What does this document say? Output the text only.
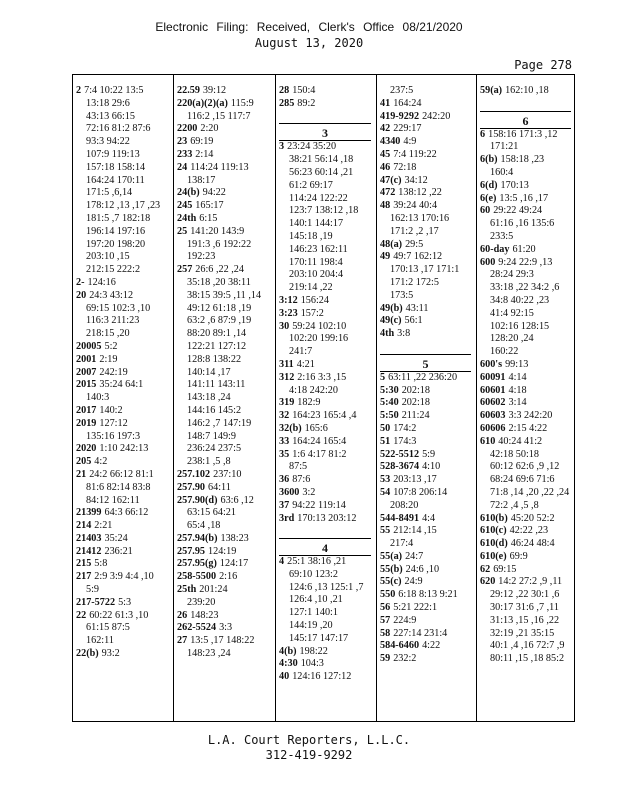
Electronic Filing: Received, Clerk's Office 08/21/2020
August 13, 2020
Page 278
2 7:4 10:22 13:5
13:18 29:6
43:13 66:15
72:16 81:2 87:6
93:3 94:22
107:9 119:13
157:18 158:14
164:24 170:11
171:5 ,6,14
178:12 ,13 ,17 ,23
181:5 ,7 182:18
196:14 197:16
197:20 198:20
203:10 ,15
212:15 222:2
2- 124:16
20 24:3 43:12
69:15 102:3 ,10
116:3 211:23
218:15 ,20
20005 5:2
2001 2:19
2007 242:19
2015 35:24 64:1
140:3
2017 140:2
2019 127:12
135:16 197:3
2020 1:10 242:13
205 4:2
21 24:2 66:12 81:1
81:6 82:14 83:8
84:12 162:11
21399 64:3 66:12
214 2:21
21403 35:24
21412 236:21
215 5:8
217 2:9 3:9 4:4 ,10
5:9
217-5722 5:3
22 60:22 61:3 ,10
61:15 87:5
162:11
22(b) 93:2
22.59 39:12
220(a)(2)(a) 115:9
116:2 ,15 117:7
2200 2:20
23 69:19
233 2:14
24 114:24 119:13
138:17
24(b) 94:22
245 165:17
24th 6:15
25 141:20 143:9
191:3 ,6 192:22
192:23
257 26:6 ,22 ,24
35:18 ,20 38:11
38:15 39:5 ,11 ,14
49:12 61:18 ,19
63:2 ,6 87:9 ,19
88:20 89:1 ,14
122:21 127:12
128:8 138:22
140:14 ,17
141:11 143:11
143:18 ,24
144:16 145:2
146:2 ,7 147:19
148:7 149:9
236:24 237:5
238:1 ,5 ,8
257.102 237:10
257.90 64:11
257.90(d) 63:6 ,12
63:15 64:21
65:4 ,18
257.94(b) 138:23
257.95 124:19
257.95(g) 124:17
258-5500 2:16
25th 201:24
239:20
26 148:23
262-5524 3:3
27 13:5 ,17 148:22
148:23 ,24
28 150:4
285 89:2
3
3 23:24 35:20
38:21 56:14 ,18
56:23 60:14 ,21
61:2 69:17
114:24 122:22
123:7 138:12 ,18
140:1 144:17
145:18 ,19
146:23 162:11
170:11 198:4
203:10 204:4
219:14 ,22
3:12 156:24
3:23 157:2
30 59:24 102:10
102:20 199:16
241:7
311 4:21
312 2:16 3:3 ,15
4:18 242:20
319 182:9
32 164:23 165:4 ,4
32(b) 165:6
33 164:24 165:4
35 1:6 4:17 81:2
87:5
36 87:6
3600 3:2
37 94:22 119:14
3rd 170:13 203:12
4
4 25:1 38:16 ,21
69:10 123:2
124:6 ,13 125:1 ,7
126:4 ,10 ,21
127:1 140:1
144:19 ,20
145:17 147:17
4(b) 198:22
4:30 104:3
40 124:16 127:12
237:5
41 164:24
419-9292 242:20
42 229:17
4340 4:9
45 7:4 119:22
46 72:18
47(c) 34:12
472 138:12 ,22
48 39:24 40:4
162:13 170:16
171:2 ,2 ,17
48(a) 29:5
49 49:7 162:12
170:13 ,17 171:1
171:2 172:5
173:5
49(b) 43:11
49(c) 56:1
4th 3:8
5
5 63:11 ,22 236:20
5:30 202:18
5:40 202:18
5:50 211:24
50 174:2
51 174:3
522-5512 5:9
528-3674 4:10
53 203:13 ,17
54 107:8 206:14
208:20
544-8491 4:4
55 212:14 ,15
217:4
55(a) 24:7
55(b) 24:6 ,10
55(c) 24:9
550 6:18 8:13 9:21
56 5:21 222:1
57 224:9
58 227:14 231:4
584-6460 4:22
59 232:2
59(a) 162:10 ,18
6
6 158:16 171:3 ,12
171:21
6(b) 158:18 ,23
160:4
6(d) 170:13
6(e) 13:5 ,16 ,17
60 29:22 49:24
61:16 ,16 135:6
233:5
60-day 61:20
600 9:24 22:9 ,13
28:24 29:3
33:18 ,22 34:2 ,6
34:8 40:22 ,23
41:4 92:15
102:16 128:15
128:20 ,24
160:22
600's 99:13
60091 4:14
60601 4:18
60602 3:14
60603 3:3 242:20
60606 2:15 4:22
610 40:24 41:2
42:18 50:18
60:12 62:6 ,9 ,12
68:24 69:6 71:6
71:8 ,14 ,20 ,22 ,24
72:2 ,4 ,5 ,8
610(b) 45:20 52:2
610(c) 42:22 ,23
610(d) 46:24 48:4
610(e) 69:9
62 69:15
620 14:2 27:2 ,9 ,11
29:12 ,22 30:1 ,6
30:17 31:6 ,7 ,11
31:13 ,15 ,16 ,22
32:19 ,21 35:15
40:1 ,4 ,16 72:7 ,9
80:11 ,15 ,18 85:2
L.A. Court Reporters, L.L.C.
312-419-9292
